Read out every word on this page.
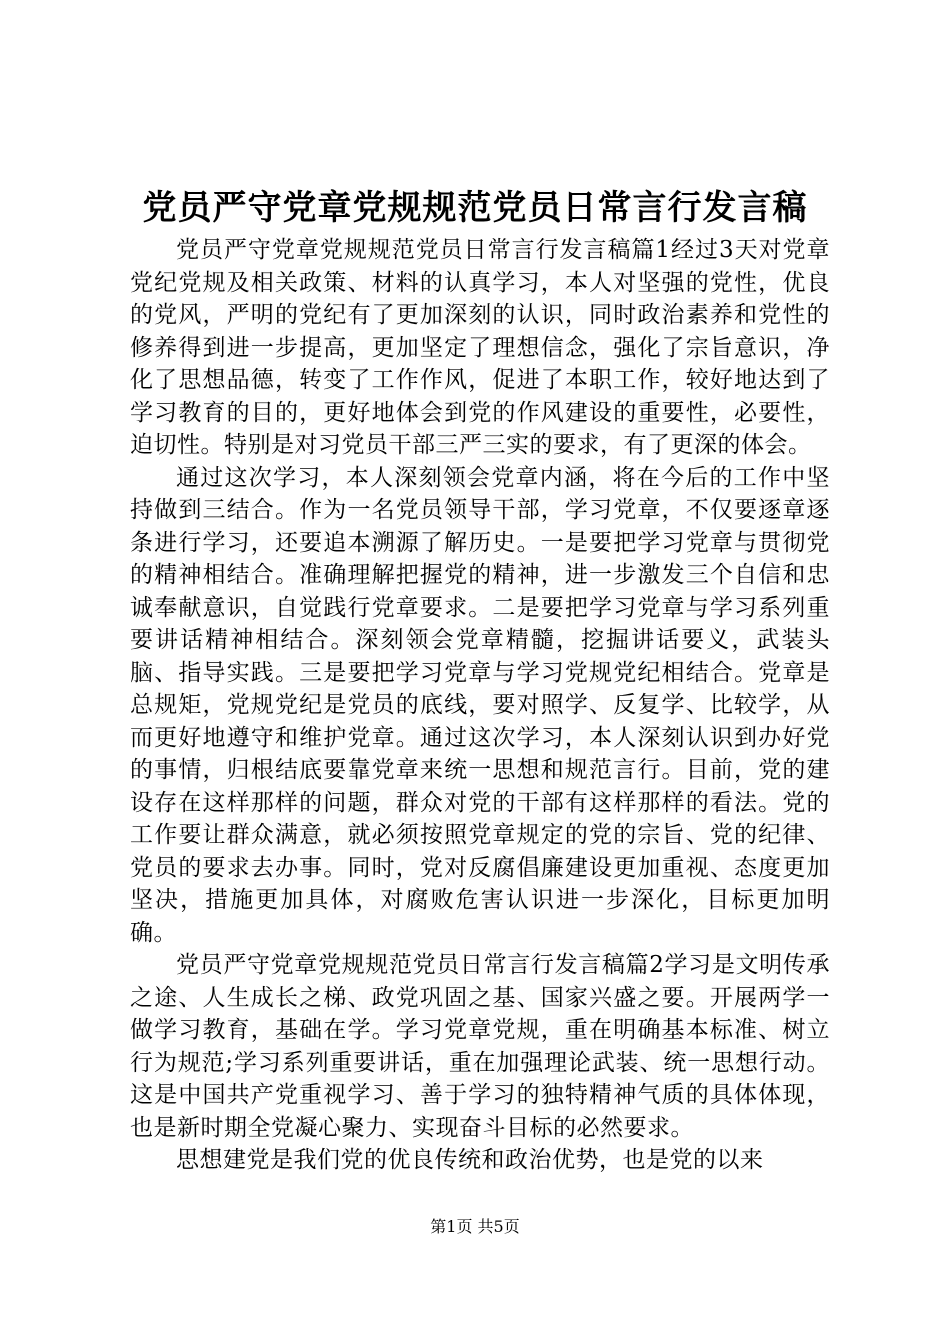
党员严守党章党规规范党员日常言行发言稿

党员严守党章党规规范党员日常言行发言稿篇1经过3天对党章党纪党规及相关政策、材料的认真学习，本人对坚强的党性，优良的党风，严明的党纪有了更加深刻的认识，同时政治素养和党性的修养得到进一步提高，更加坚定了理想信念，强化了宗旨意识，净化了思想品德，转变了工作作风，促进了本职工作，较好地达到了学习教育的目的，更好地体会到党的作风建设的重要性，必要性，迫切性。特别是对习党员干部三严三实的要求，有了更深的体会。

通过这次学习，本人深刻领会党章内涵，将在今后的工作中坚持做到三结合。作为一名党员领导干部，学习党章，不仅要逐章逐条进行学习，还要追本溯源了解历史。一是要把学习党章与贯彻党的精神相结合。准确理解把握党的精神，进一步激发三个自信和忠诚奉献意识，自觉践行党章要求。二是要把学习党章与学习系列重要讲话精神相结合。深刻领会党章精髓，挖掘讲话要义，武装头脑、指导实践。三是要把学习党章与学习党规党纪相结合。党章是总规矩，党规党纪是党员的底线，要对照学、反复学、比较学，从而更好地遵守和维护党章。通过这次学习，本人深刻认识到办好党的事情，归根结底要靠党章来统一思想和规范言行。目前，党的建设存在这样那样的问题，群众对党的干部有这样那样的看法。党的工作要让群众满意，就必须按照党章规定的党的宗旨、党的纪律、党员的要求去办事。同时，党对反腐倡廉建设更加重视、态度更加坚决，措施更加具体，对腐败危害认识进一步深化，目标更加明确。

党员严守党章党规规范党员日常言行发言稿篇2学习是文明传承之途、人生成长之梯、政党巩固之基、国家兴盛之要。开展两学一做学习教育，基础在学。学习党章党规，重在明确基本标准、树立行为规范;学习系列重要讲话，重在加强理论武装、统一思想行动。这是中国共产党重视学习、善于学习的独特精神气质的具体体现，也是新时期全党凝心聚力、实现奋斗目标的必然要求。

思想建党是我们党的优良传统和政治优势，也是党的以来

第1页 共5页
